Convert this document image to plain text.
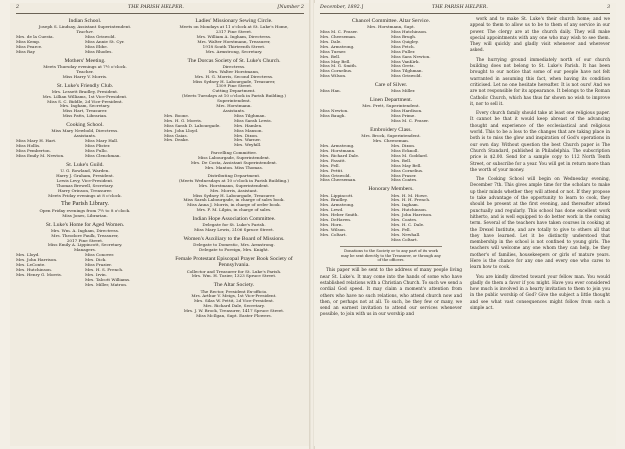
2	THE PARISH HELPER.	[Number 2
Indian School.
Joseph S. Lindsay, Assistant Superintendent.
Teacher.
Mrs. de la Cuesta.	Miss Griswold.
Miss Kemp.	Miss Annie St. Cyr.
Miss Pearce.	Miss Ebbe.
Miss Ray	Miss Rhodes.
Mothers' Meeting.
Meets Thursday evenings at 7½ o'clock.
Teacher.
Miss Harry V. Morris.
St. Luke's Friendly Club.
Mrs. Lessett Bradley, President.
Mrs. Lillian Williams, 1st Vice-President.
Miss S. C. Biddle, 2d Vice-President.
Mrs. Ingham, Secretary.
Miss Hart, Treasurer.
Miss Patts, Librarian.
Cooking School.
Miss Mary Newbold, Directress.
Assistants.
Miss Mary H. Hart.	Miss Mary Hall.
Miss Hollis.	Miss Plister.
Miss Pemberton.	Miss Fullo.
Miss Emily M. Newton.	Miss Clenchman.
St. Luke's Guild.
U. G. Rowland, Warden.
Harry J. Graham, President.
Lewis Levy, Vice-President.
Thomas Brewell, Secretary.
Harry Orinson, Treasurer.
Meets Friday evenings at 8 o'clock.
The Parish Library.
Open Friday evenings from 7½ to 8 o'clock.
Miss Jones, Librarian.
St. Luke's Home for Aged Women.
Mrs. Wm. A. Ingham, Directress.
Mrs. Theodore Faulk, Treasurer,
2017 Pine Street.
Miss Emily A. Lippincott, Secretary.
Managers.
Mrs. Lloyd.	Miss Conover.
Mrs. John Harrison.	Mrs. Dick.
Mrs. LeConte.	Miss Frazier.
Mrs. Hutchinson.	Mrs. H. S. French.
Mrs. Henry G. Morris.	Mrs. Irvin.
Mrs. Talcott Williams.
Mrs. Miller, Matron.
Ladies' Missionary Sewing Circle.
Meets on Mondays at 11 o'clock at St. Luke's Home,
2317 Pine Street.
Mrs. William A. Ingham, Directress.
Mrs. Walter Horstmann, Treasurer,
1918 South Thirteenth Street.
Mrs. Armstrong, Secretary.
The Dorcas Society of St. Luke's Church.
Directress.
Mrs. Walter Horstmann,
Mrs. H. G. Morris, Second Directress.
Miss Sydney H. Labourgade, Treasurer,
1309 Pine Street.
Cutting Department.
(Meets Tuesdays at 10 o'clock in Parish Building.)
Superintendent.
Mrs. Horstmann.
Assistants.
Mrs. Boone.	Miss Tilghman.
Mrs. H. G. Morris.	Miss Sarah Lewis.
Miss Sarah D. Labourgade.	Mrs. Hamlen.
Mrs. John Lloyd.	Miss Manson.
Miss Gaias.	Mrs. Dixon.
Mrs. Deake.	Mrs. Warner.
Mrs. Weyhill.
Parcelling Committee.
Miss Labourgade, Superintendent.
Mrs. De Costa, Assistant Superintendent.
Mrs. Manton. Miss Thomas.
Distributing Department.
(Meets Wednesdays at 10 o'clock in Parish Building.)
Mrs. Horstmann, Superintendent.
Mrs. Morris, Assistant.
Miss Sydney H. Labourgade, Treasurer.
Miss Sarah Labourgade, in charge of sales book.
Miss Anna J. Morris, in charge of order book.
Mrs. F. M. Lilpin, in charge of sales.
Indian Hope Association Committee.
Delegate for St. Luke's Parish.
Miss Mary Lewis, 2106 Spruce Street.
Women's Auxiliary to the Board of Missions.
Delegate to Domestic, Mrs. Armstrong.
Delegate to Foreign, Mrs. Knight.
Female Protestant Episcopal Prayer Book Society of Pennsylvania.
Collector and Treasurer for St. Luke's Parish.
Mrs. Wm. H. Tozier, 1323 Spruce Street.
The Altar Society.
The Rector, President Ex-officio.
Mrs. Arthur V. Meigs, 1st Vice-President.
Mrs. Silas W. Pettit, 2d Vice-President.
Mrs. Richard Dale, Secretary.
Mrs. J. W. Brock, Treasurer, 1417 Spruce Street.
Miss McIlgan, Supt. Easter Flowers.
December, 1892.]	THE PARISH HELPER.	3
Chancel Committee. Altar Service.
Mrs. Horstmann, Supt.
Miss M. C. Fraser.	Miss Hutchinson.
Mrs. Cheeseman.	Miss Brugh.
Mrs. Dale.	Miss Quigley.
Mrs. Armstrong.	Miss Fetch.
Miss Turner.	Miss Fuller.
Mrs. Bell.	Miss Sara Newton.
Miss May Bell.	Miss VanKirk.
Miss M. G. Smith.	Miss Gretz.
Miss Cornelius.	Miss Tilghman.
Miss Wilson.	Miss Griswold.
Care of Silver.
Miss Han.	Miss Miller.
Linen Department.
Mrs. Prett, Superintendent.
Miss Newton.	Miss Hardison.
Miss Baugh.	Miss Prime.
Miss M. C. Fraser.
Embroidery Class.
Mrs. Brock, Superintendent.
Mrs. Cheeseman.
Mrs. Armstrong.	Mrs. Dixon.
Mrs. Horstmann.	Miss Ecknoll.
Mrs. Richard Dale.	Miss M. Goddard.
Mrs. Fassitt.	Mrs. Bell.
Mrs. Fell.	Miss May Bell.
Mrs. Pettit.	Miss Cornelius.
Miss Griswold.	Miss Fraser.
Miss Cheeseman.	Miss Coates.
Honorary Members.
Mrs. Lippincott.	Mrs. H. M. Howe.
Mrs. Bradley.	Mrs. H. H. French.
Mrs. Armstrong.	Mrs. Ingham.
Mrs. Lewd.	Mrs. Hutchinson.
Mrs. Heber Smith.	Mrs. John Harrison.
Mrs. DeHaven.	Mrs. Coates.
Mrs. Horn.	Mrs. H. C. Dale.
Mrs. Wilson.	Mrs. Fell.
Mrs. Coltart.	Mrs. Newhall.
Miss Coltart.
Donations to the Society or to any part of its work
may be sent directly to the Treasurer, or through any
of the officers.

This paper will be sent to the address of many people living near St. Luke's. It may come into the hands of some who have established relations with a Christian Church. To such we send a cordial God speed. It may claim a moment's attention from others who have no such relations, who attend church now and then, or perhaps not at all. To such, be they few or many, we send an earnest invitation to attend our services whenever possible, to join with us in our worship and

work and to make St. Luke's their church home; and we appeal to them to allow us to be to them of any service in our power. The clergy are at the church daily. They will make special appointments with any one who may wish to see them. They will quickly and gladly visit whenever and wherever asked.

The hurrying ground immediately north of our church building does not belong to St. Luke's Parish. It has been brought to our notice that some of our people have not felt warranted in assuming this fact, when having its condition criticised. Let no one hesitate hereafter. It is not ours! And we are not responsible for its appearance. It belongs to the Roman Catholic Church, which has thus far shown no wish to improve it, nor to sell it.

Every church family should take at least one religious paper. It cannot be that it would keep abreast of the advancing thought and experience of the ecclesiastical and religious world. This to be a loss to the changes that are taking place in both is to miss the glow and inspiration of God's operations in our own day. Without question the best Church paper is The Church Standard, published in Philadelphia. The subscription price is $2.00. Send for a sample copy to 112 North Tenth Street, or subscribe for a year. You will get in return more than the worth of your money.

The Cooking School will begin on Wednesday evening, December 7th. This gives ample time for the scholars to make up their minds whether they will attend or not. If they propose to take advantage of the opportunity to learn to cook, they should be present at the first evening, and thereafter attend punctually and regularly. This school has done excellent work hitherto, and is well equipped to do better work in the coming term. Several of the teachers have taken courses in cooking at the Drexel Institute, and are totally to give to others all that they have learned. Let it be distinctly understood that membership in the school is not confined to young girls. The teachers will welcome any one whom they can help, be they mother's of families, housekeepers or girls of mature years. Here is the chance for any one and every one who cares to learn how to cook.

You are kindly directed toward your fellow man. You would gladly do them a favor if you might. Have you ever considered how much is involved in a hearty invitation to them to join you in the public worship of God? Give the subject a little thought and see what vast consequences might follow from such a simple act.
